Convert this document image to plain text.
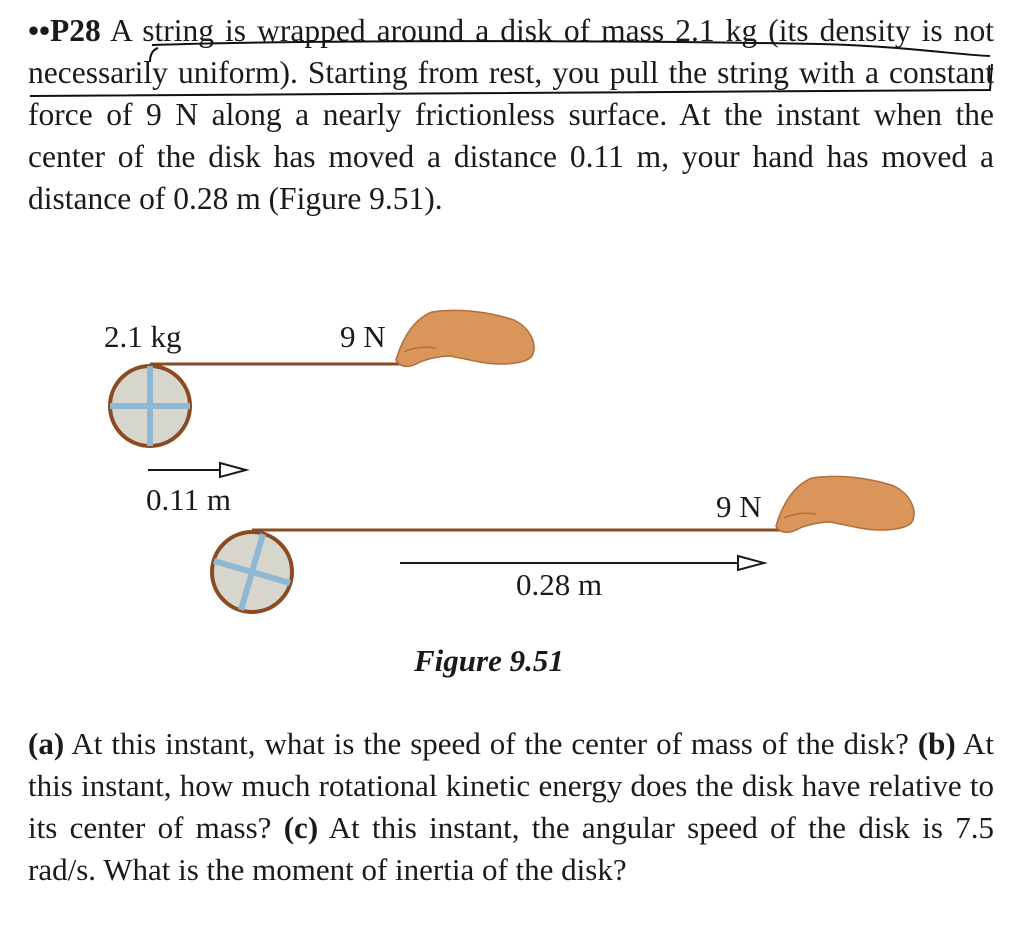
••P28 A string is wrapped around a disk of mass 2.1 kg (its density is not necessarily uniform). Starting from rest, you pull the string with a constant force of 9 N along a nearly frictionless surface. At the instant when the center of the disk has moved a distance 0.11 m, your hand has moved a distance of 0.28 m (Figure 9.51).
2.1 kg	9 N
0.11 m	9 N
0.28 m
Figure 9.51
(a) At this instant, what is the speed of the center of mass of the disk? (b) At this instant, how much rotational kinetic energy does the disk have relative to its center of mass? (c) At this instant, the angular speed of the disk is 7.5 rad/s. What is the moment of inertia of the disk?
